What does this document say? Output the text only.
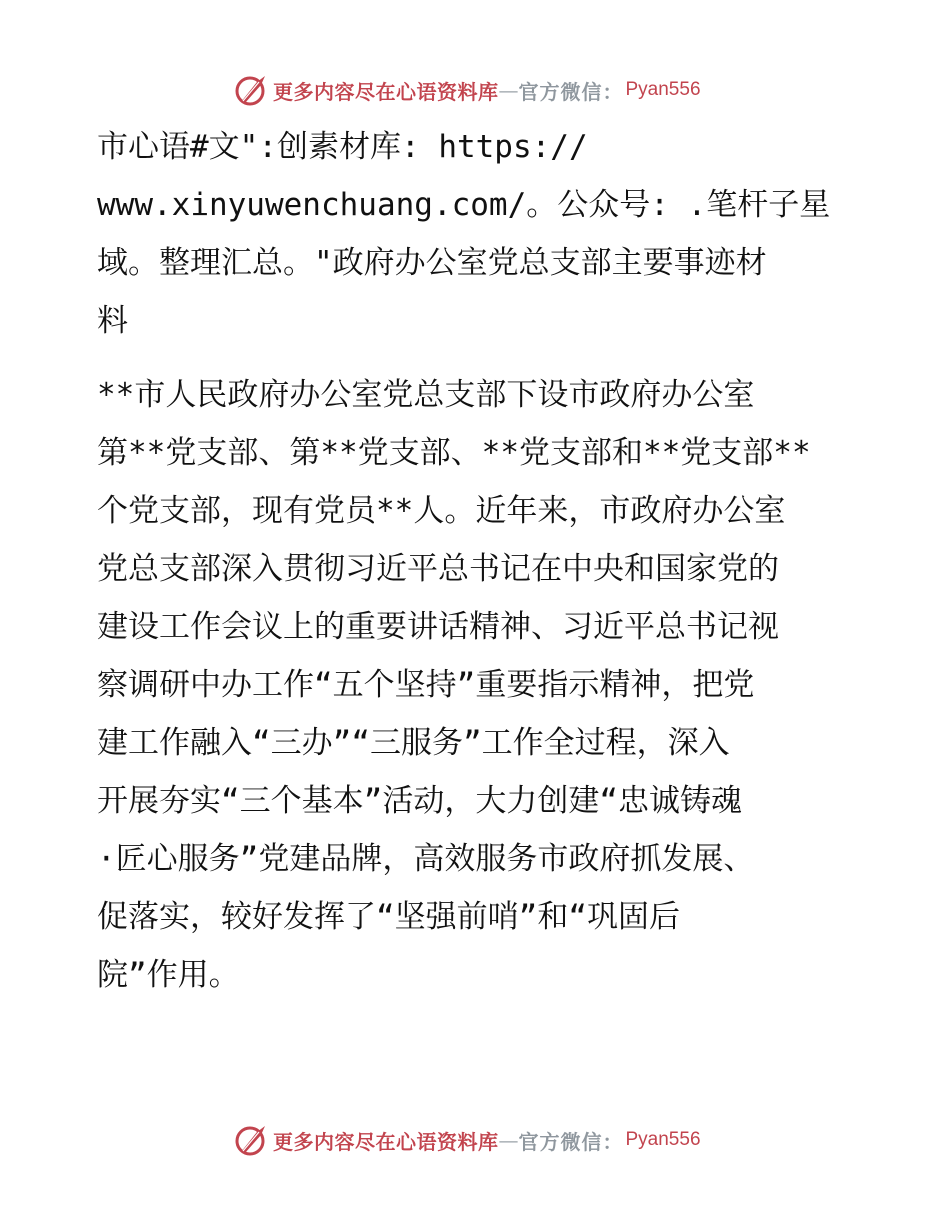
更多内容尽在心语资料库 — 官方微信： Pyan556
市心语#文":创素材库: https://
www.xinyuwenchuang.com/。公众号: .笔杆子星
域。整理汇总。"政府办公室党总支部主要事迹材
料
**市人民政府办公室党总支部下设市政府办公室
第**党支部、第**党支部、**党支部和**党支部**
个党支部，现有党员**人。近年来，市政府办公室
党总支部深入贯彻习近平总书记在中央和国家党的
建设工作会议上的重要讲话精神、习近平总书记视
察调研中办工作“五个坚持”重要指示精神，把党
建工作融入“三办”“三服务”工作全过程，深入
开展夯实“三个基本”活动，大力创建“忠诚铸魂
·匠心服务”党建品牌，高效服务市政府抓发展、
促落实，较好发挥了“坚强前哨”和“巩固后
院”作用。
更多内容尽在心语资料库 — 官方微信： Pyan556
